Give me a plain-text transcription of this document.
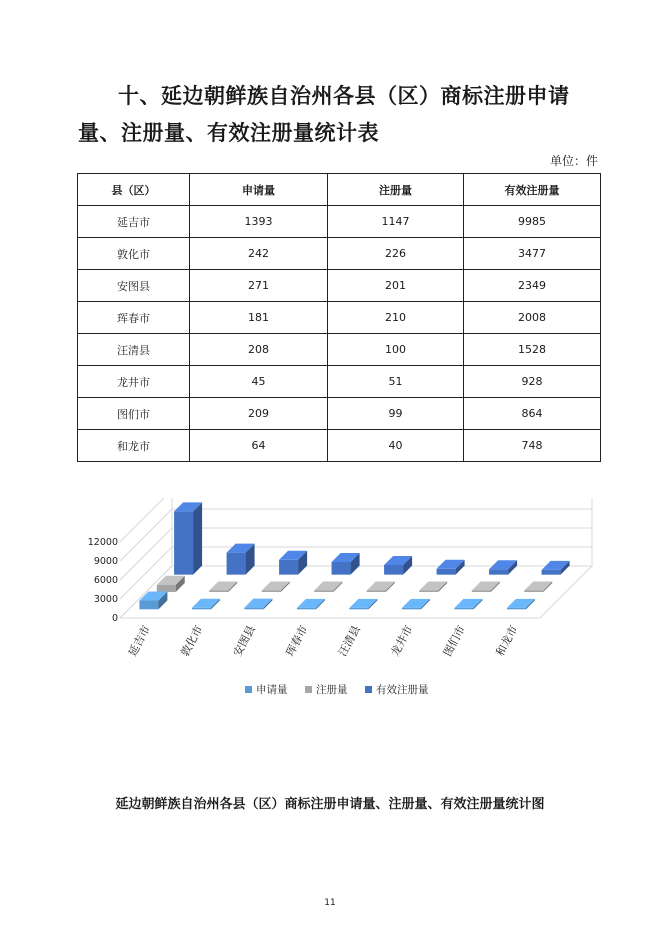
十、延边朝鲜族自治州各县（区）商标注册申请量、注册量、有效注册量统计表
单位：件
县（区）	申请量	注册量	有效注册量
延吉市	1393	1147	9985
敦化市	242	226	3477
安图县	271	201	2349
珲春市	181	210	2008
汪清县	208	100	1528
龙井市	45	51	928
图们市	209	99	864
和龙市	64	40	748
0
3000
6000
9000
12000
延吉市 敦化市 安图县 珲春市 汪清县 龙井市 图们市 和龙市
申请量	注册量	有效注册量
延边朝鲜族自治州各县（区）商标注册申请量、注册量、有效注册量统计图
11
